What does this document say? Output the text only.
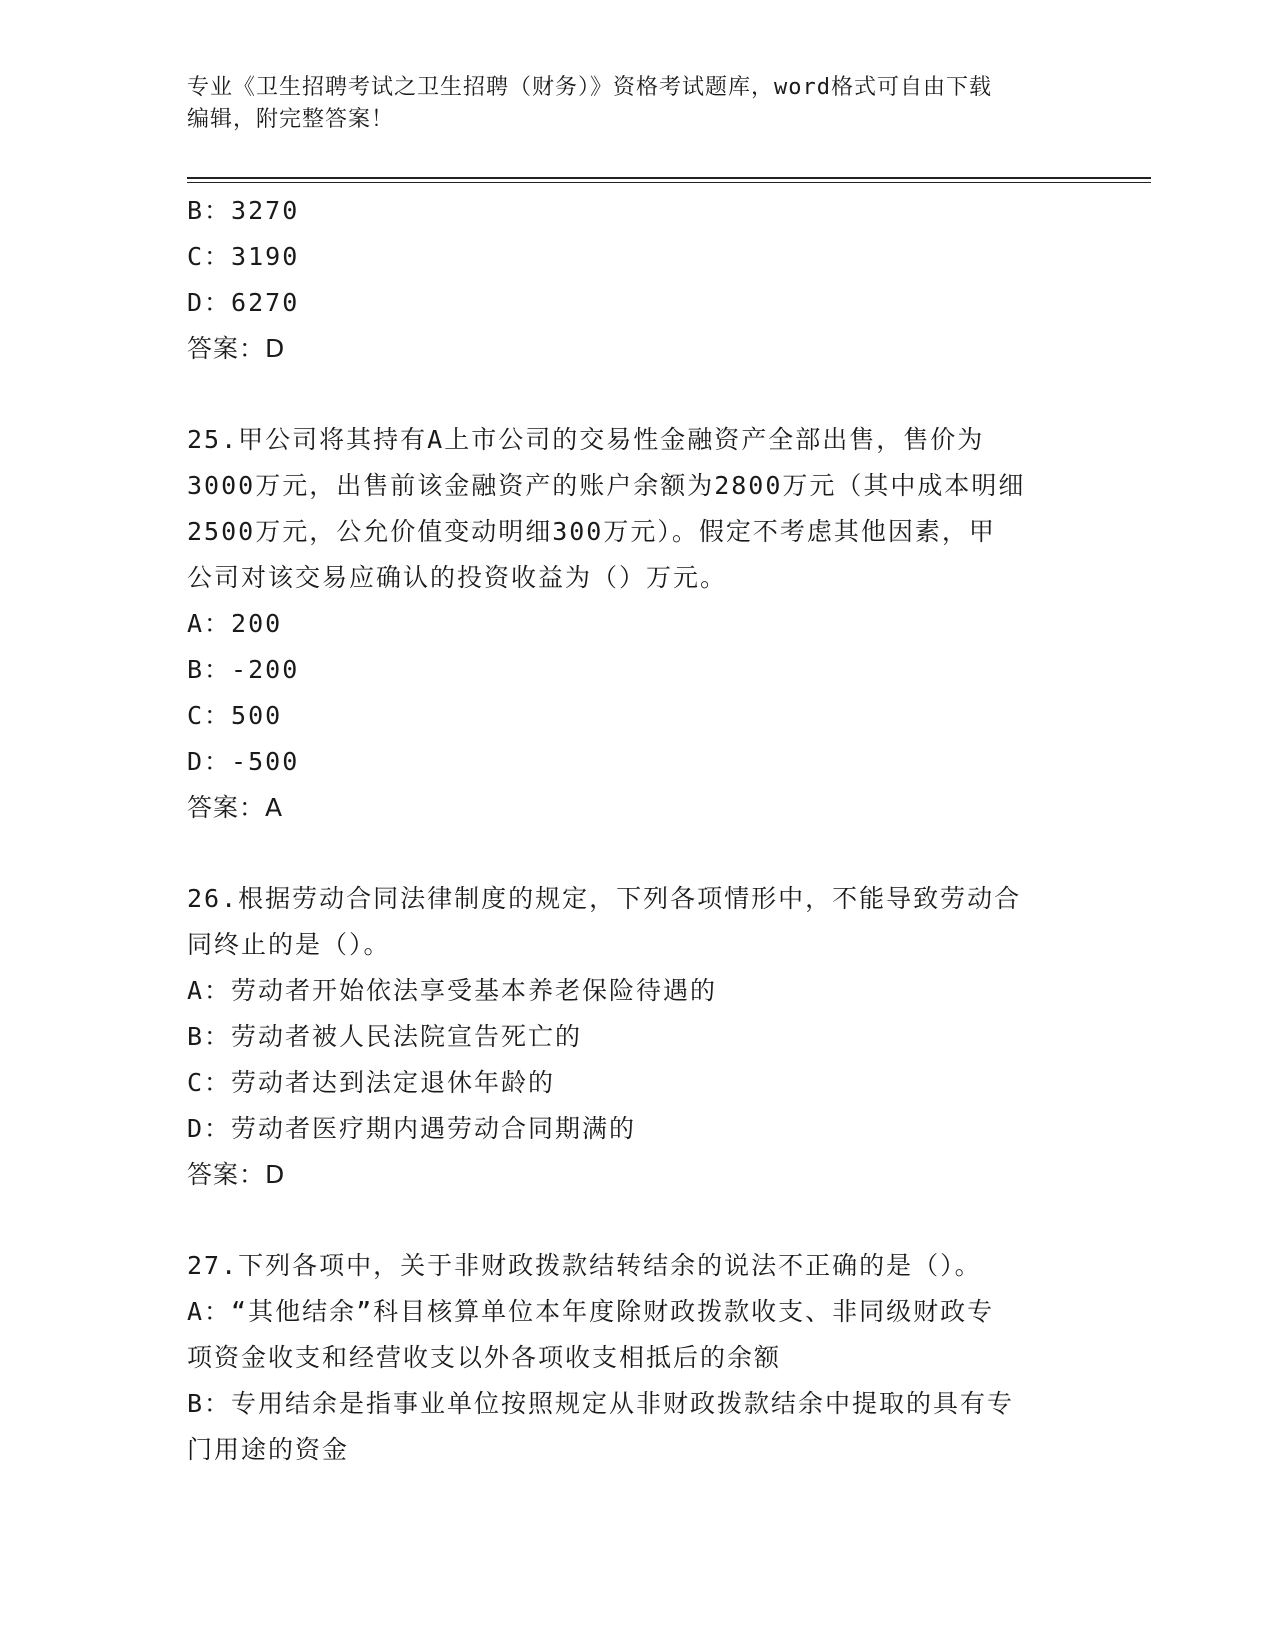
专业《卫生招聘考试之卫生招聘（财务）》资格考试题库，word格式可自由下载
编辑，附完整答案！
B：3270
C：3190
D：6270
答案：D
25.甲公司将其持有A上市公司的交易性金融资产全部出售，售价为
3000万元，出售前该金融资产的账户余额为2800万元（其中成本明细
2500万元，公允价值变动明细300万元）。假定不考虑其他因素，甲
公司对该交易应确认的投资收益为（）万元。
A：200
B：-200
C：500
D：-500
答案：A
26.根据劳动合同法律制度的规定，下列各项情形中，不能导致劳动合
同终止的是（）。
A：劳动者开始依法享受基本养老保险待遇的
B：劳动者被人民法院宣告死亡的
C：劳动者达到法定退休年龄的
D：劳动者医疗期内遇劳动合同期满的
答案：D
27.下列各项中，关于非财政拨款结转结余的说法不正确的是（）。
A：“其他结余”科目核算单位本年度除财政拨款收支、非同级财政专
项资金收支和经营收支以外各项收支相抵后的余额
B：专用结余是指事业单位按照规定从非财政拨款结余中提取的具有专
门用途的资金
